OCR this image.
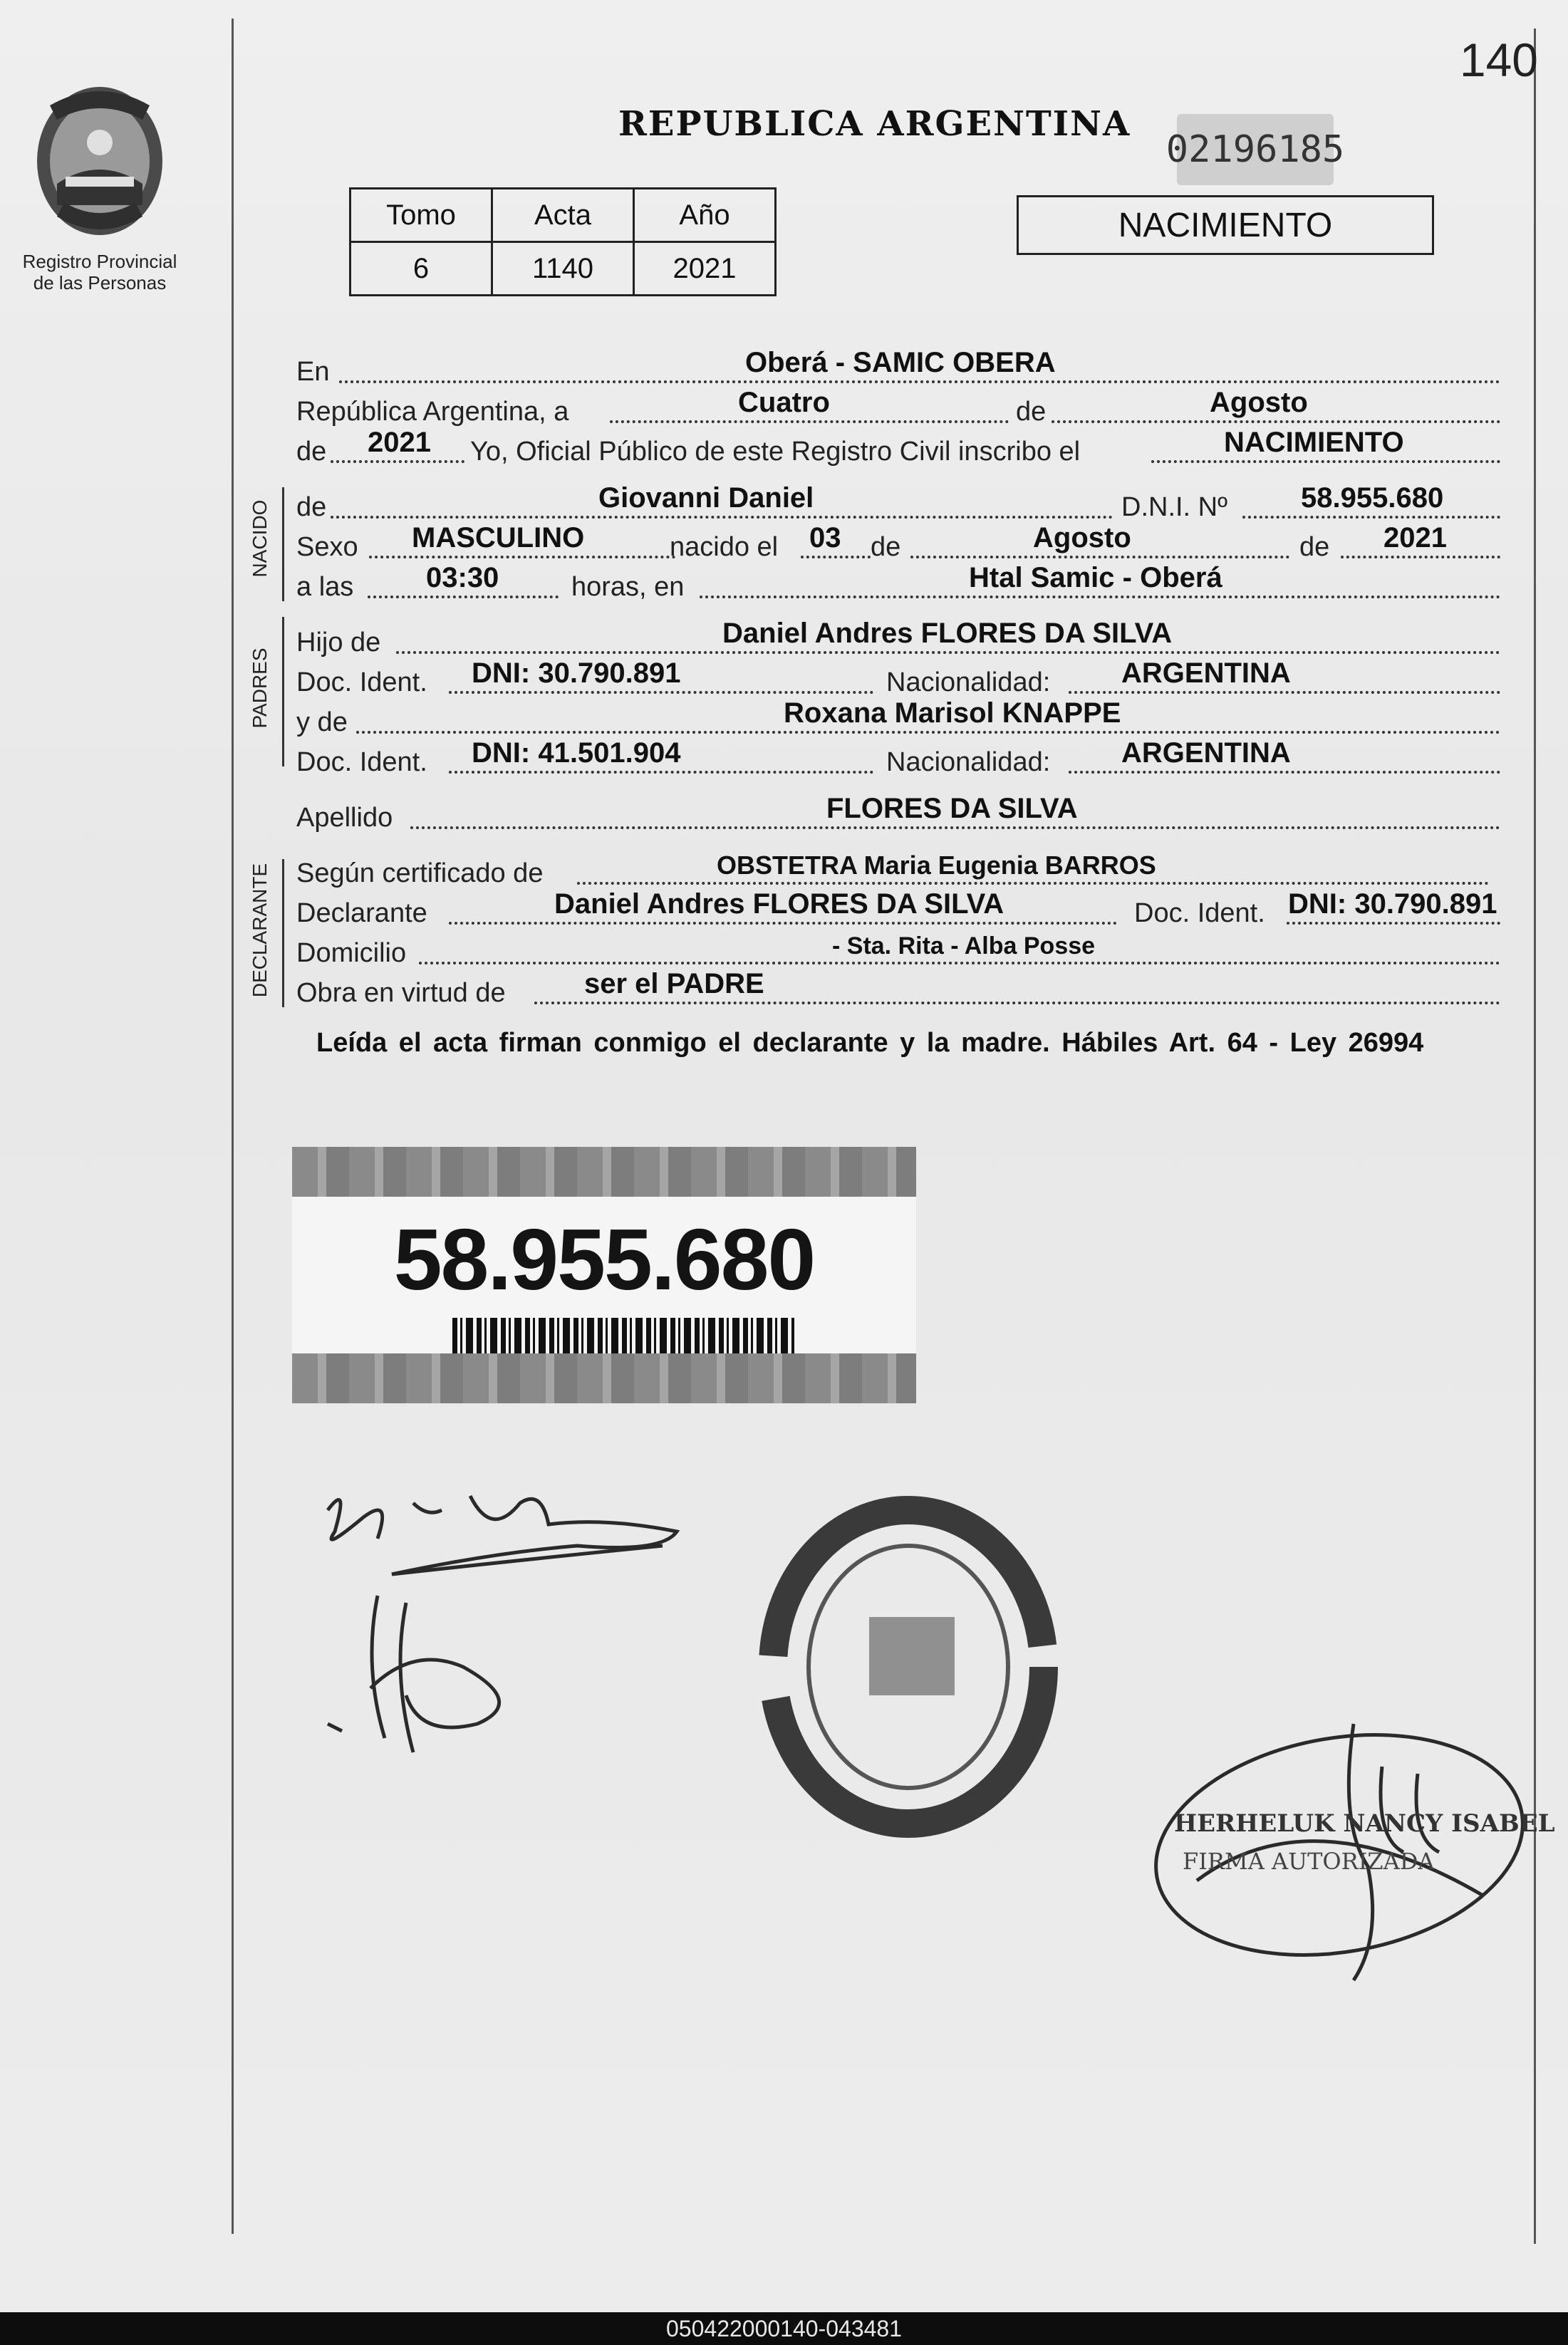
Registro Provincial
de las Personas
140
REPUBLICA ARGENTINA
02196185
Tomo	Acta	Año
6	1140	2021
NACIMIENTO
En	Oberá - SAMIC OBERA
República Argentina, a	Cuatro	de	Agosto
de 2021 Yo, Oficial Público de este Registro Civil inscribo el	NACIMIENTO
NACIDO de	Giovanni Daniel	D.N.I. Nº	58.955.680
Sexo MASCULINO	nacido el 03 de	Agosto	de 2021
a las	03:30	horas, en	Htal Samic - Oberá
PADRES
Hijo de	Daniel Andres FLORES DA SILVA
Doc. Ident. DNI: 30.790.891	Nacionalidad: ARGENTINA
y de	Roxana Marisol KNAPPE
Doc. Ident. DNI: 41.501.904	Nacionalidad: ARGENTINA
Apellido	FLORES DA SILVA
DECLARANTE Según certificado de	OBSTETRA Maria Eugenia BARROS
Declarante	Daniel Andres FLORES DA SILVA	Doc. Ident. DNI: 30.790.891
Domicilio	- Sta. Rita - Alba Posse
Obra en virtud de	ser el PADRE
Leída el acta firman conmigo el declarante y la madre. Hábiles Art. 64 - Ley 26994
58.955.680
HERHELUK NANCY ISABEL
FIRMA AUTORIZADA
050422000140-043481
